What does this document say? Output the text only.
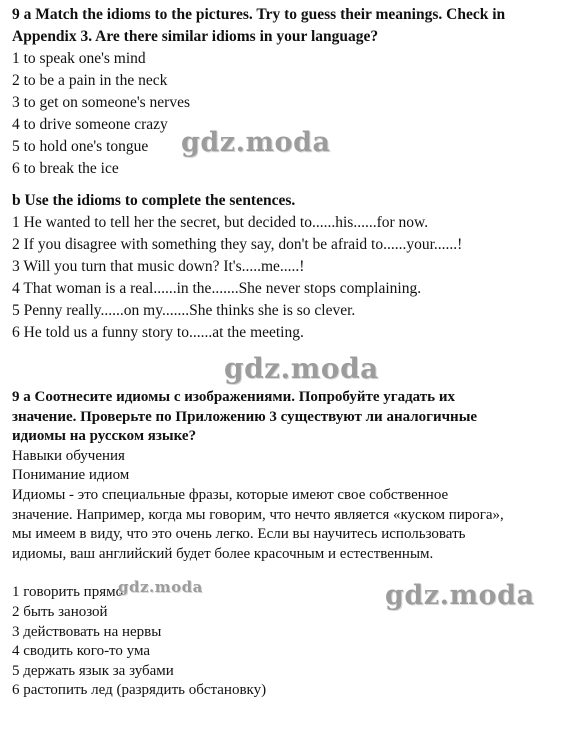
9 a Match the idioms to the pictures. Try to guess their meanings. Check in
Appendix 3. Are there similar idioms in your language?
1 to speak one's mind
2 to be a pain in the neck
3 to get on someone's nerves
4 to drive someone crazy
5 to hold one's tongue
6 to break the ice
b Use the idioms to complete the sentences.
1 He wanted to tell her the secret, but decided to......his......for now.
2 If you disagree with something they say, don't be afraid to......your......!
3 Will you turn that music down? It's.....me.....!
4 That woman is a real......in the.......She never stops complaining.
5 Penny really......on my.......She thinks she is so clever.
6 He told us a funny story to......at the meeting.
9 a Соотнесите идиомы с изображениями. Попробуйте угадать их
значение. Проверьте по Приложению 3 существуют ли аналогичные
идиомы на русском языке?
Навыки обучения
Понимание идиом
Идиомы - это специальные фразы, которые имеют свое собственное
значение. Например, когда мы говорим, что нечто является «куском пирога»,
мы имеем в виду, что это очень легко. Если вы научитесь использовать
идиомы, ваш английский будет более красочным и естественным.
1 говорить прямо
2 быть занозой
3 действовать на нервы
4 сводить кого-то ума
5 держать язык за зубами
6 растопить лед (разрядить обстановку)
gdz.moda
gdz.moda
gdz.moda	gdz.moda
